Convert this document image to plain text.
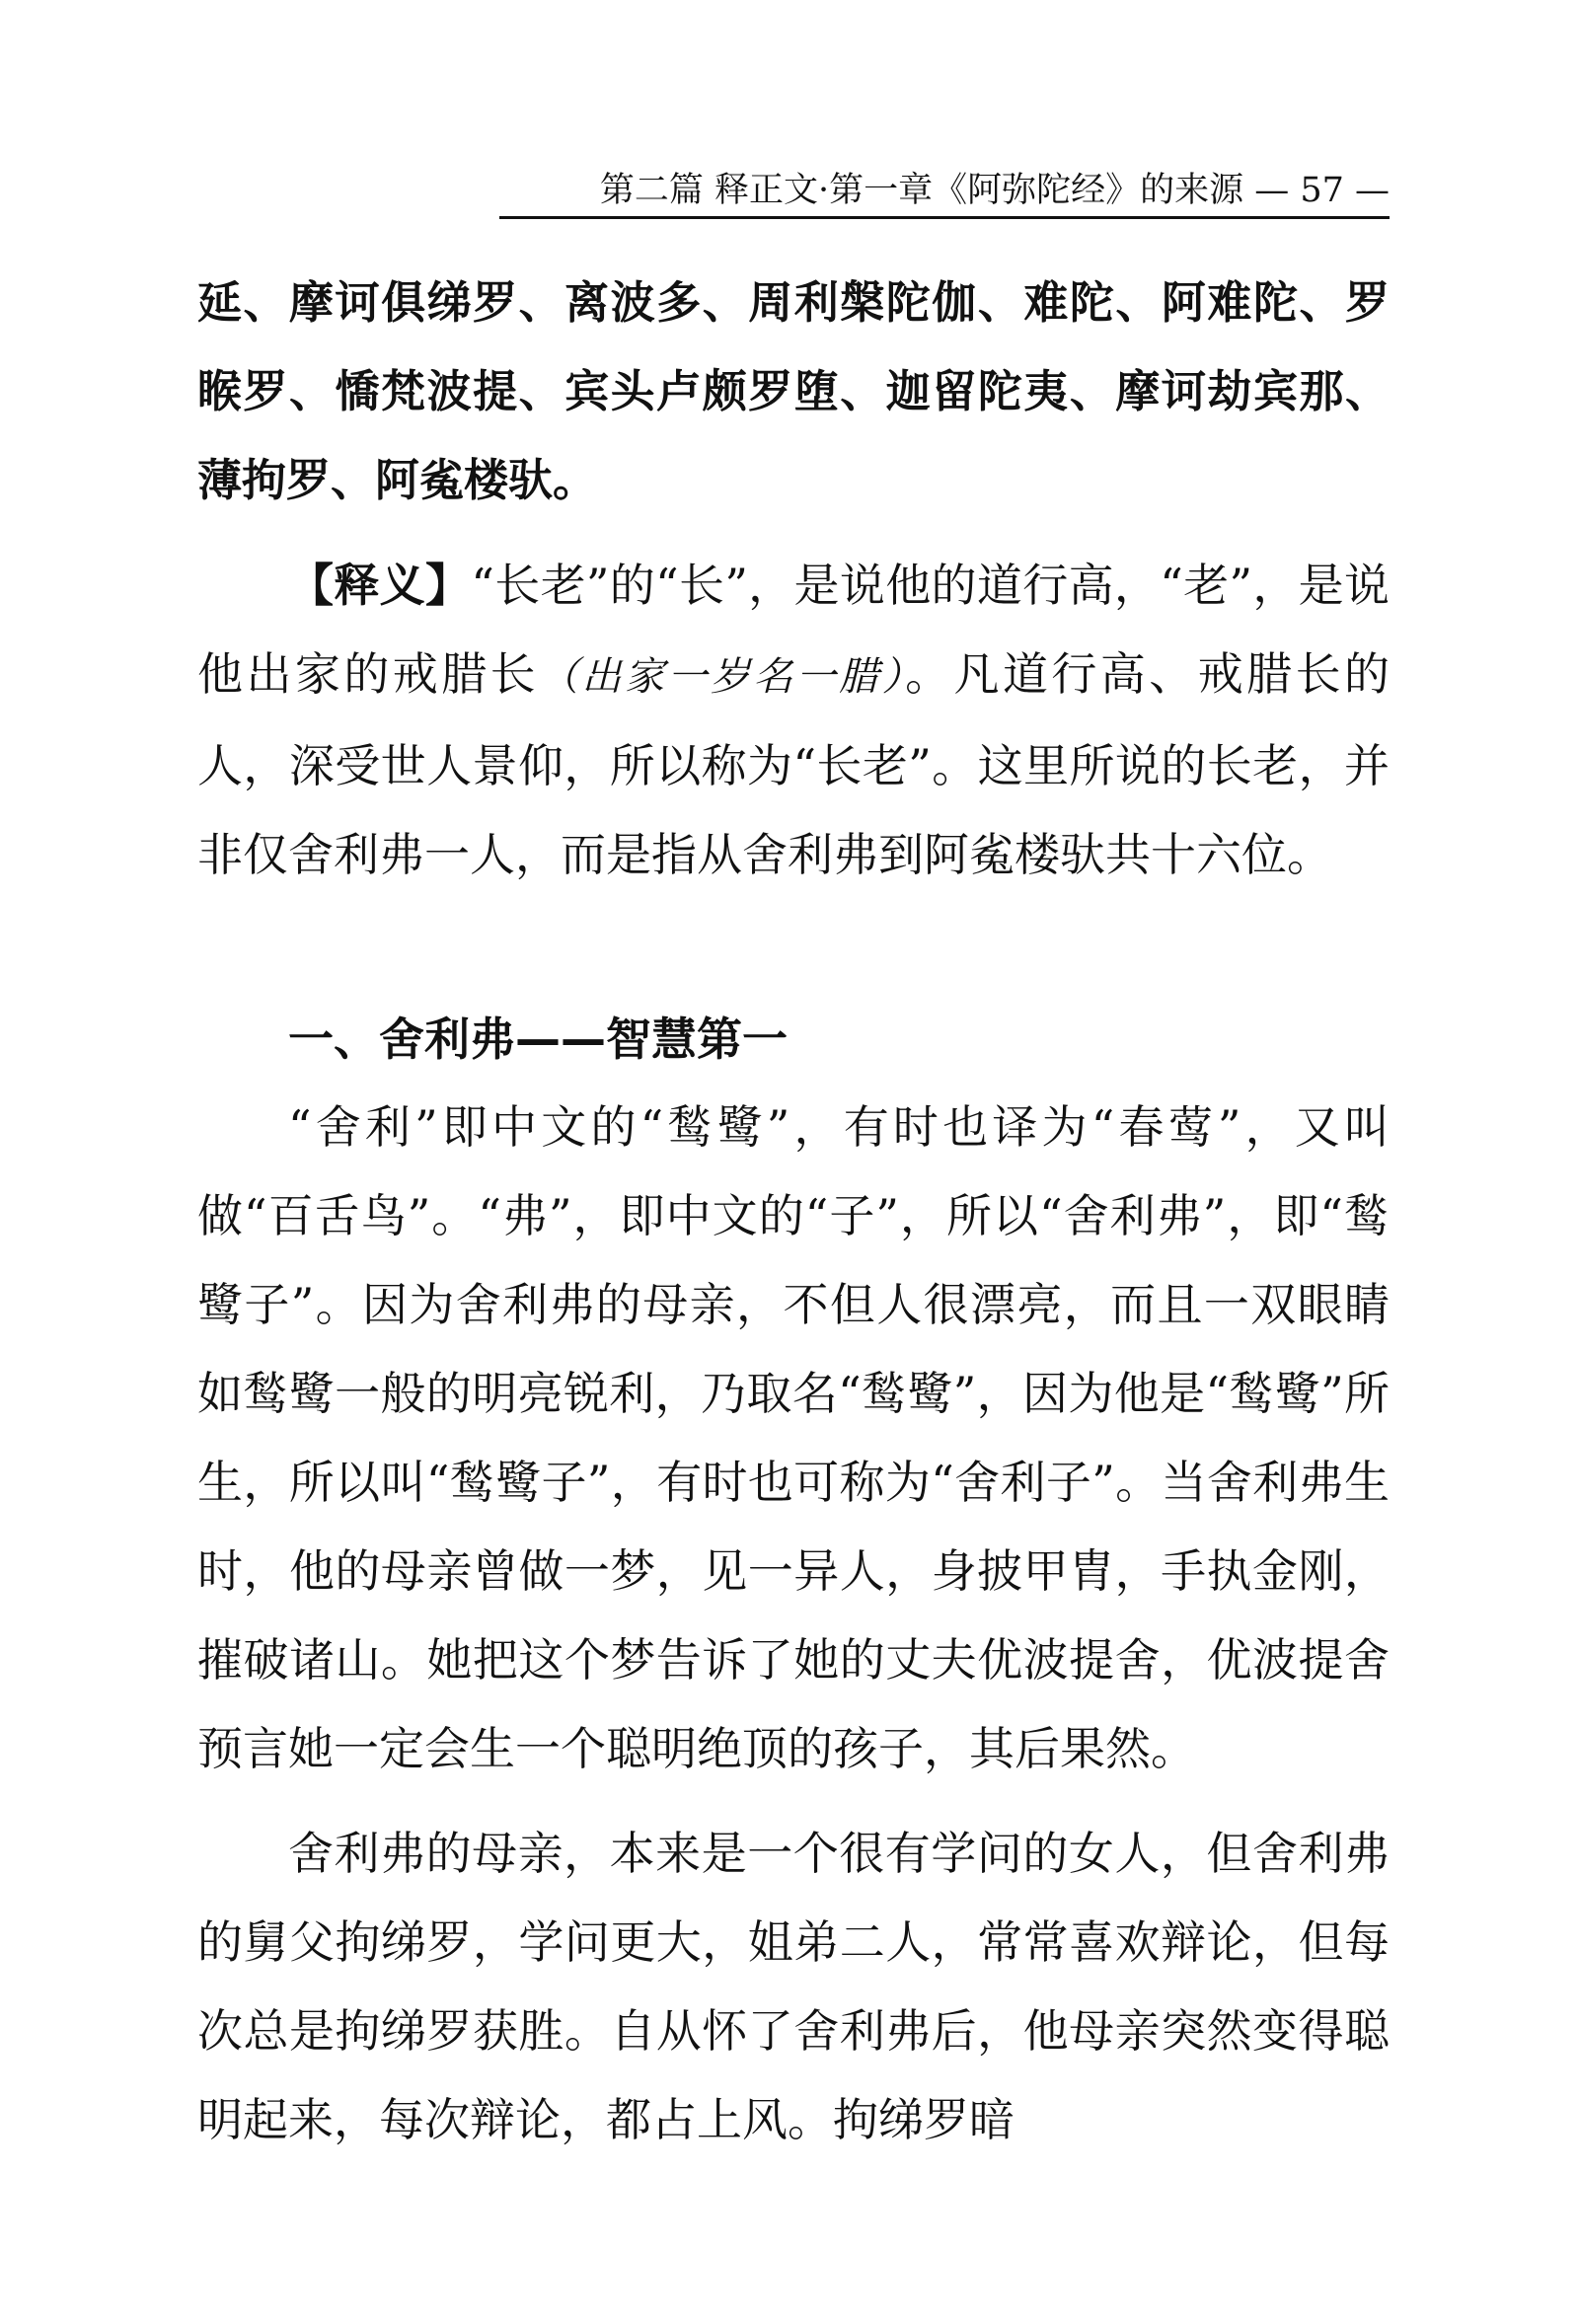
第二篇 释正文·第一章《阿弥陀经》的来源 — 57 —

延、摩诃俱绨罗、离波多、周利槃陀伽、难陀、阿难陀、罗睺罗、憍梵波提、宾头卢颇罗堕、迦留陀夷、摩诃劫宾那、薄拘罗、阿㝹楼驮。

【释义】“长老”的“长”，是说他的道行高，“老”，是说他出家的戒腊长（出家一岁名一腊）。凡道行高、戒腊长的人，深受世人景仰，所以称为“长老”。这里所说的长老，并非仅舍利弗一人，而是指从舍利弗到阿㝹楼驮共十六位。

一、舍利弗——智慧第一

“舍利”即中文的“鹙鹭”，有时也译为“春莺”，又叫做“百舌鸟”。“弗”，即中文的“子”，所以“舍利弗”，即“鹙鹭子”。因为舍利弗的母亲，不但人很漂亮，而且一双眼睛如鹙鹭一般的明亮锐利，乃取名“鹙鹭”，因为他是“鹙鹭”所生，所以叫“鹙鹭子”，有时也可称为“舍利子”。当舍利弗生时，他的母亲曾做一梦，见一异人，身披甲胄，手执金刚，摧破诸山。她把这个梦告诉了她的丈夫优波提舍，优波提舍预言她一定会生一个聪明绝顶的孩子，其后果然。

舍利弗的母亲，本来是一个很有学问的女人，但舍利弗的舅父拘绨罗，学问更大，姐弟二人，常常喜欢辩论，但每次总是拘绨罗获胜。自从怀了舍利弗后，他母亲突然变得聪明起来，每次辩论，都占上风。拘绨罗暗
